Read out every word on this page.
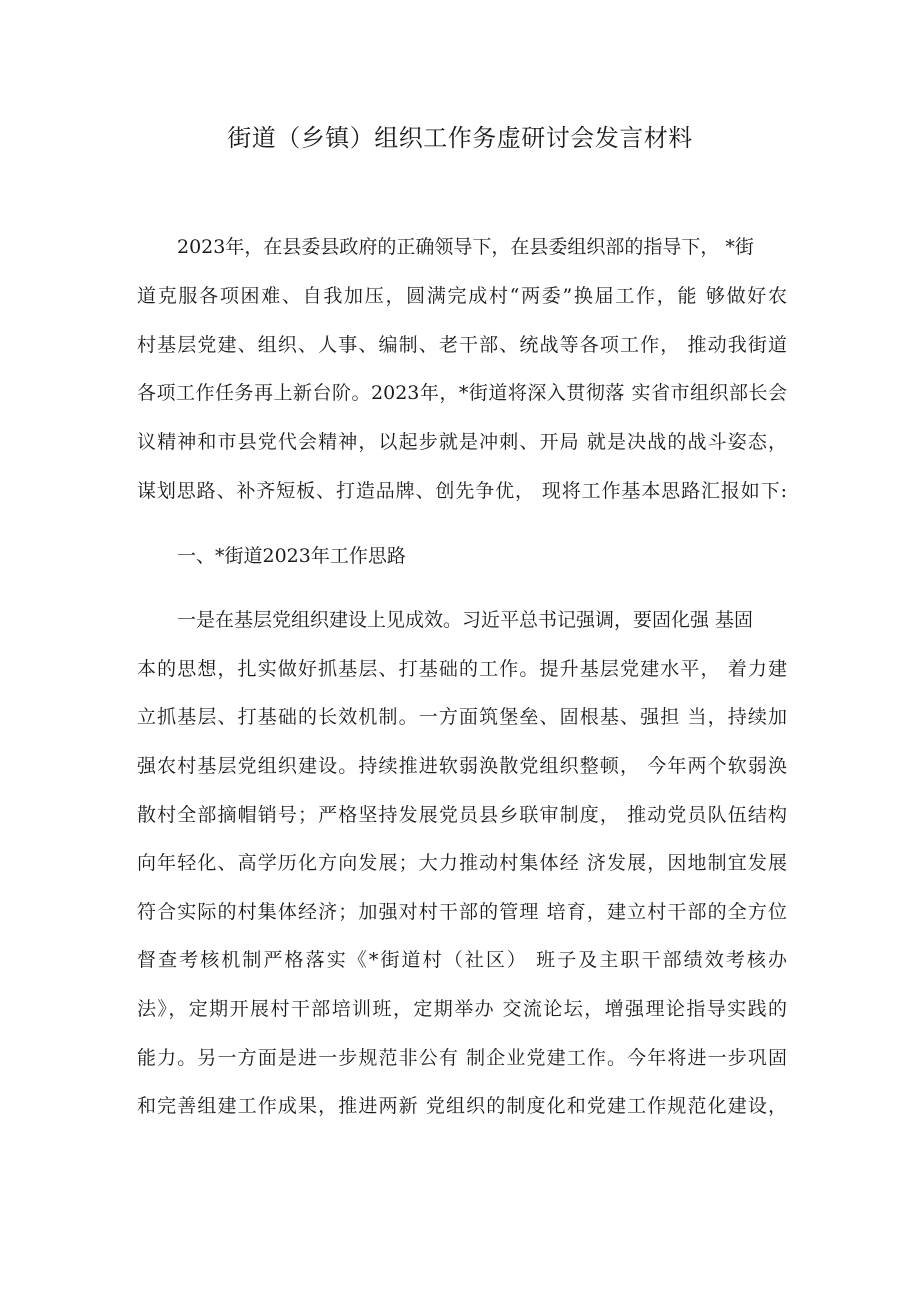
街道（乡镇）组织工作务虚研讨会发言材料
2023年，在县委县政府的正确领导下，在县委组织部的指导下， *街
道克服各项困难、自我加压，圆满完成村“两委”换届工作，能 够做好农
村基层党建、组织、人事、编制、老干部、统战等各项工作， 推动我街道
各项工作任务再上新台阶。2023年，*街道将深入贯彻落 实省市组织部长会
议精神和市县党代会精神，以起步就是冲刺、开局 就是决战的战斗姿态，
谋划思路、补齐短板、打造品牌、创先争优， 现将工作基本思路汇报如下:
一、*街道2023年工作思路
一是在基层党组织建设上见成效。习近平总书记强调，要固化强 基固
本的思想，扎实做好抓基层、打基础的工作。提升基层党建水平， 着力建
立抓基层、打基础的长效机制。一方面筑堡垒、固根基、强担 当，持续加
强农村基层党组织建设。持续推进软弱涣散党组织整顿， 今年两个软弱涣
散村全部摘帽销号；严格坚持发展党员县乡联审制度， 推动党员队伍结构
向年轻化、高学历化方向发展；大力推动村集体经 济发展，因地制宜发展
符合实际的村集体经济；加强对村干部的管理 培育，建立村干部的全方位
督查考核机制严格落实《*街道村（社区） 班子及主职干部绩效考核办
法》，定期开展村干部培训班，定期举办 交流论坛，增强理论指导实践的
能力。另一方面是进一步规范非公有 制企业党建工作。今年将进一步巩固
和完善组建工作成果，推进两新 党组织的制度化和党建工作规范化建设，
